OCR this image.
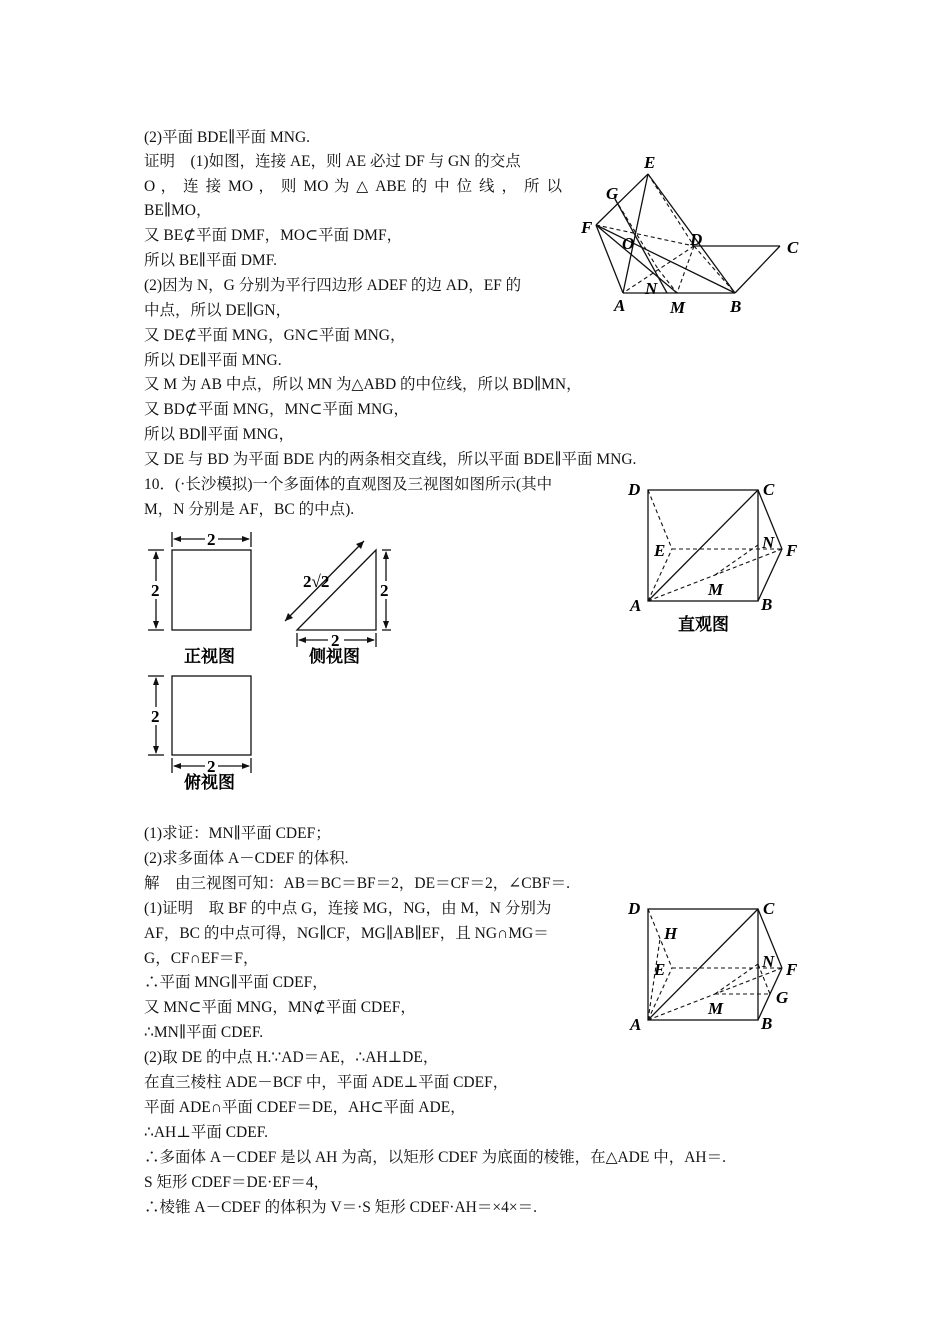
(2)平面 BDE∥平面 MNG.
证明　(1)如图，连接 AE，则 AE 必过 DF 与 GN 的交点
O ， 连 接 MO ， 则 MO 为 △ ABE 的 中 位 线 ， 所 以
BE∥MO，
又 BE⊄平面 DMF，MO⊂平面 DMF，
所以 BE∥平面 DMF.
(2)因为 N，G 分别为平行四边形 ADEF 的边 AD，EF 的
中点，所以 DE∥GN，
又 DE⊄平面 MNG，GN⊂平面 MNG，
所以 DE∥平面 MNG.
又 M 为 AB 中点，所以 MN 为△ABD 的中位线，所以 BD∥MN，
又 BD⊄平面 MNG，MN⊂平面 MNG，
所以 BD∥平面 MNG，
又 DE 与 BD 为平面 BDE 内的两条相交直线，所以平面 BDE∥平面 MNG.
10．(·长沙模拟)一个多面体的直观图及三视图如图所示(其中
M，N 分别是 AF，BC 的中点).
(1)求证：MN∥平面 CDEF；
(2)求多面体 A－CDEF 的体积.
解　由三视图可知：AB＝BC＝BF＝2，DE＝CF＝2，∠CBF＝.
(1)证明　取 BF 的中点 G，连接 MG，NG，由 M，N 分别为
AF，BC 的中点可得，NG∥CF，MG∥AB∥EF，且 NG∩MG＝
G，CF∩EF＝F，
∴平面 MNG∥平面 CDEF，
又 MN⊂平面 MNG，MN⊄平面 CDEF，
∴MN∥平面 CDEF.
(2)取 DE 的中点 H.∵AD＝AE，∴AH⊥DE，
在直三棱柱 ADE－BCF 中，平面 ADE⊥平面 CDEF，
平面 ADE∩平面 CDEF＝DE，AH⊂平面 ADE，
∴AH⊥平面 CDEF.
∴多面体 A－CDEF 是以 AH 为高，以矩形 CDEF 为底面的棱锥，在△ADE 中，AH＝.
S 矩形 CDEF＝DE·EF＝4，
∴棱锥 A－CDEF 的体积为 V＝·S 矩形 CDEF·AH＝×4×＝.
E
G
F
O	D	C
N
A	M	B
D	C
E	N F
M
A	B
直观图
2
2
正视图
2√2	2
2
侧视图
2
2
俯视图
D	C
H
E	N F
G
M
A	B
